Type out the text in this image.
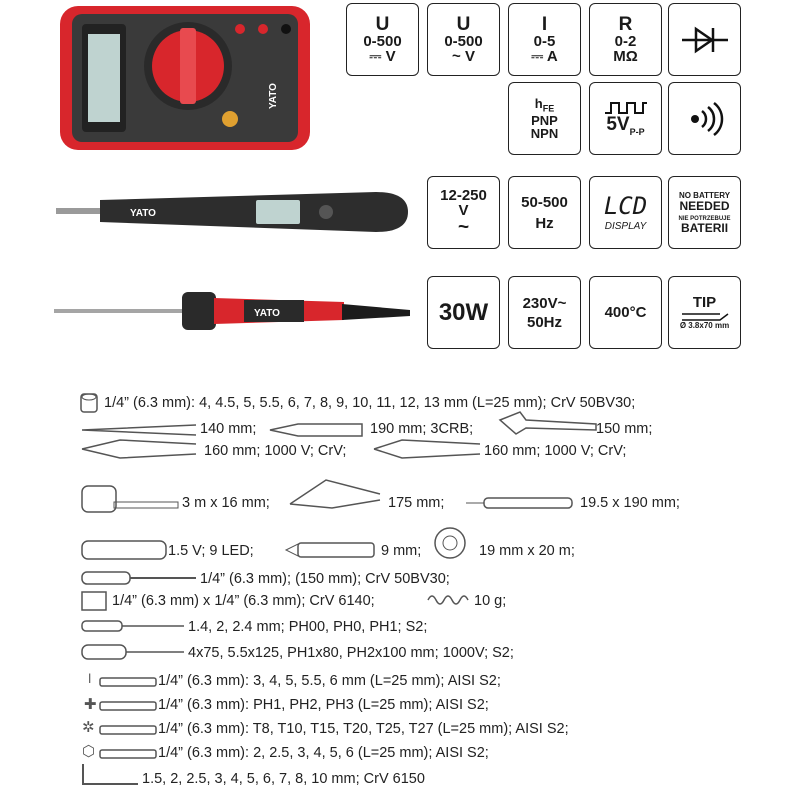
YATO
U
0-500
⎓ V
U
0-500
~ V
I
0-5
⎓ A
R
0-2
MΩ
$h_{FE}$
PNP
NPN	$5V_{P-P}$
YATO
12-250
V
~
50-500
Hz
LCD
DISPLAY
NO BATTERY
NEEDED
NIE POTRZEBUJE
BATERII
YATO	30W 230V~
50Hz
400°C
TIP
Ø 3.8x70 mm
1/4” (6.3 mm): 4, 4.5, 5, 5.5, 6, 7, 8, 9, 10, 11, 12, 13 mm (L=25 mm); CrV 50BV30;
140 mm;	190 mm; 3CRB;	150 mm;
160 mm; 1000 V; CrV;	160 mm; 1000 V; CrV;
3 m x 16 mm;	175 mm;	19.5 x 190 mm;
1.5 V; 9 LED;	9 mm;	19 mm x 20 m;
1/4” (6.3 mm); (150 mm); CrV 50BV30;
1/4” (6.3 mm) x 1/4” (6.3 mm); CrV 6140;	10 g;
1.4, 2, 2.4 mm; PH00, PH0, PH1; S2;
4x75, 5.5x125, PH1x80, PH2x100 mm; 1000V; S2;
ǀ	1/4” (6.3 mm): 3, 4, 5, 5.5, 6 mm (L=25 mm); AISI S2;
✚	1/4” (6.3 mm): PH1, PH2, PH3 (L=25 mm); AISI S2;
✲	1/4” (6.3 mm): T8, T10, T15, T20, T25, T27 (L=25 mm); AISI S2;
⬡	1/4” (6.3 mm): 2, 2.5, 3, 4, 5, 6 (L=25 mm); AISI S2;
1.5, 2, 2.5, 3, 4, 5, 6, 7, 8, 10 mm; CrV 6150
